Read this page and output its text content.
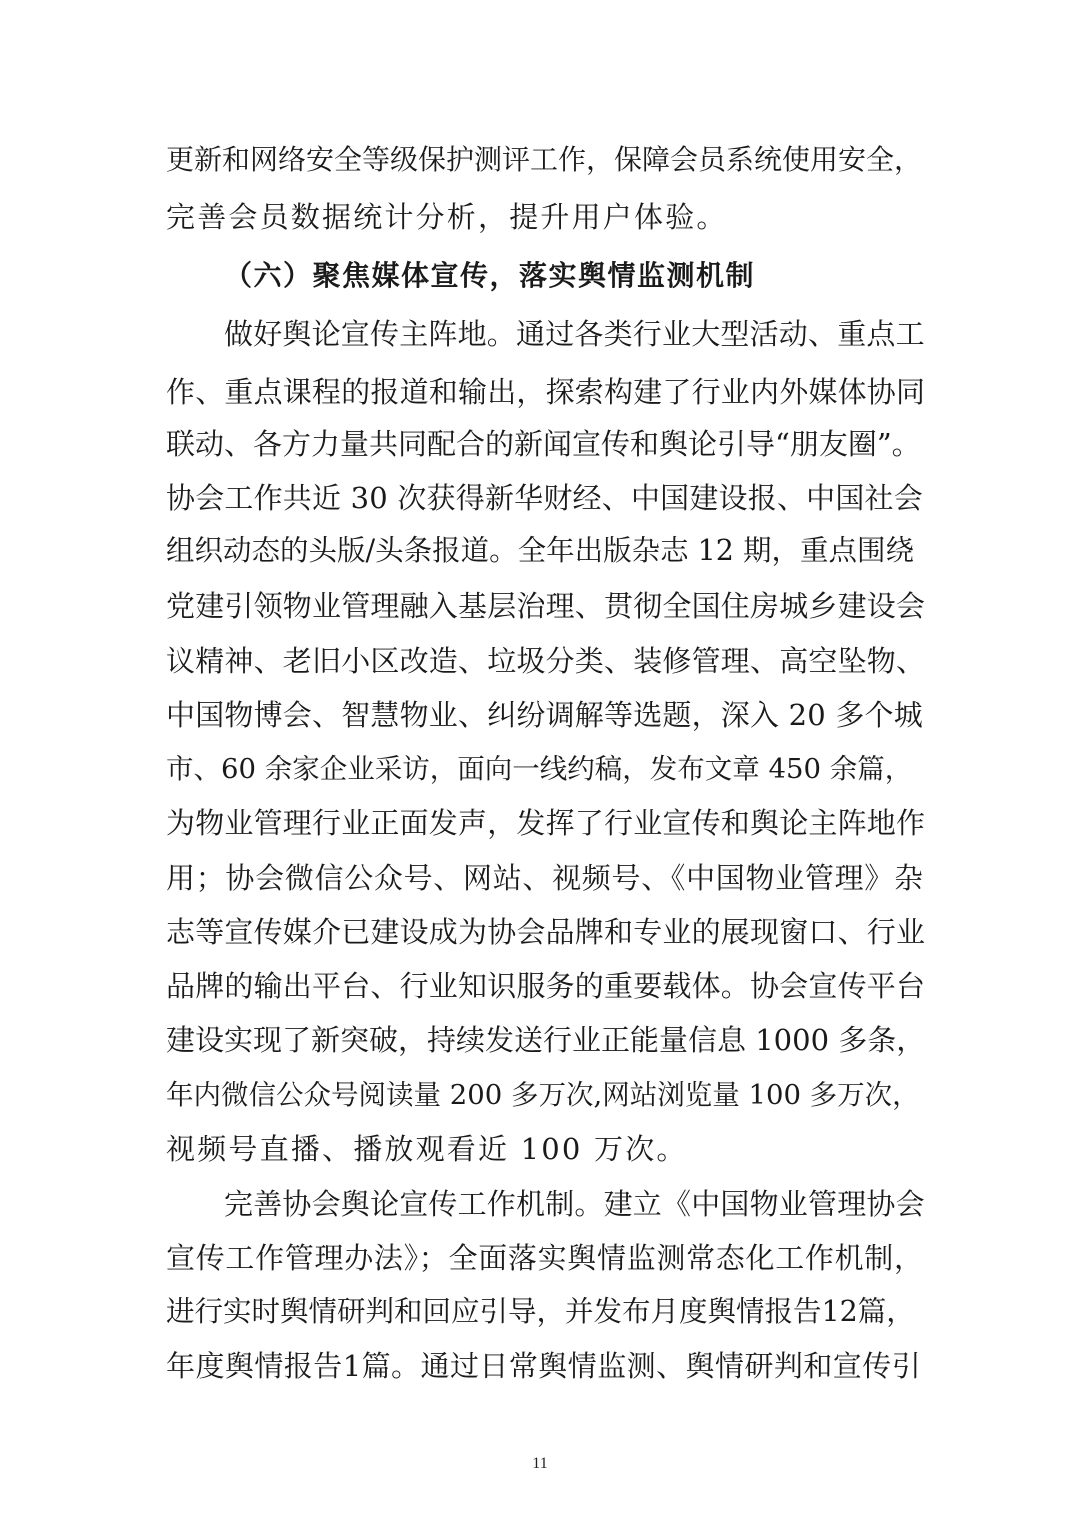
更新和网络安全等级保护测评工作，保障会员系统使用安全，
完善会员数据统计分析，提升用户体验。
（六）聚焦媒体宣传，落实舆情监测机制
做好舆论宣传主阵地。通过各类行业大型活动、重点工
作、重点课程的报道和输出，探索构建了行业内外媒体协同
联动、各方力量共同配合的新闻宣传和舆论引导“朋友圈”。
协会工作共近 30 次获得新华财经、中国建设报、中国社会
组织动态的头版/头条报道。全年出版杂志 12 期，重点围绕
党建引领物业管理融入基层治理、贯彻全国住房城乡建设会
议精神、老旧小区改造、垃圾分类、装修管理、高空坠物、
中国物博会、智慧物业、纠纷调解等选题，深入 20 多个城
市、60 余家企业采访，面向一线约稿，发布文章 450 余篇，
为物业管理行业正面发声，发挥了行业宣传和舆论主阵地作
用；协会微信公众号、网站、视频号、《中国物业管理》杂
志等宣传媒介已建设成为协会品牌和专业的展现窗口、行业
品牌的输出平台、行业知识服务的重要载体。协会宣传平台
建设实现了新突破，持续发送行业正能量信息 1000 多条，
年内微信公众号阅读量 200 多万次,网站浏览量 100 多万次，
视频号直播、播放观看近 100 万次。
完善协会舆论宣传工作机制。建立《中国物业管理协会
宣传工作管理办法》；全面落实舆情监测常态化工作机制，
进行实时舆情研判和回应引导，并发布月度舆情报告12篇，
年度舆情报告1篇。通过日常舆情监测、舆情研判和宣传引
11
